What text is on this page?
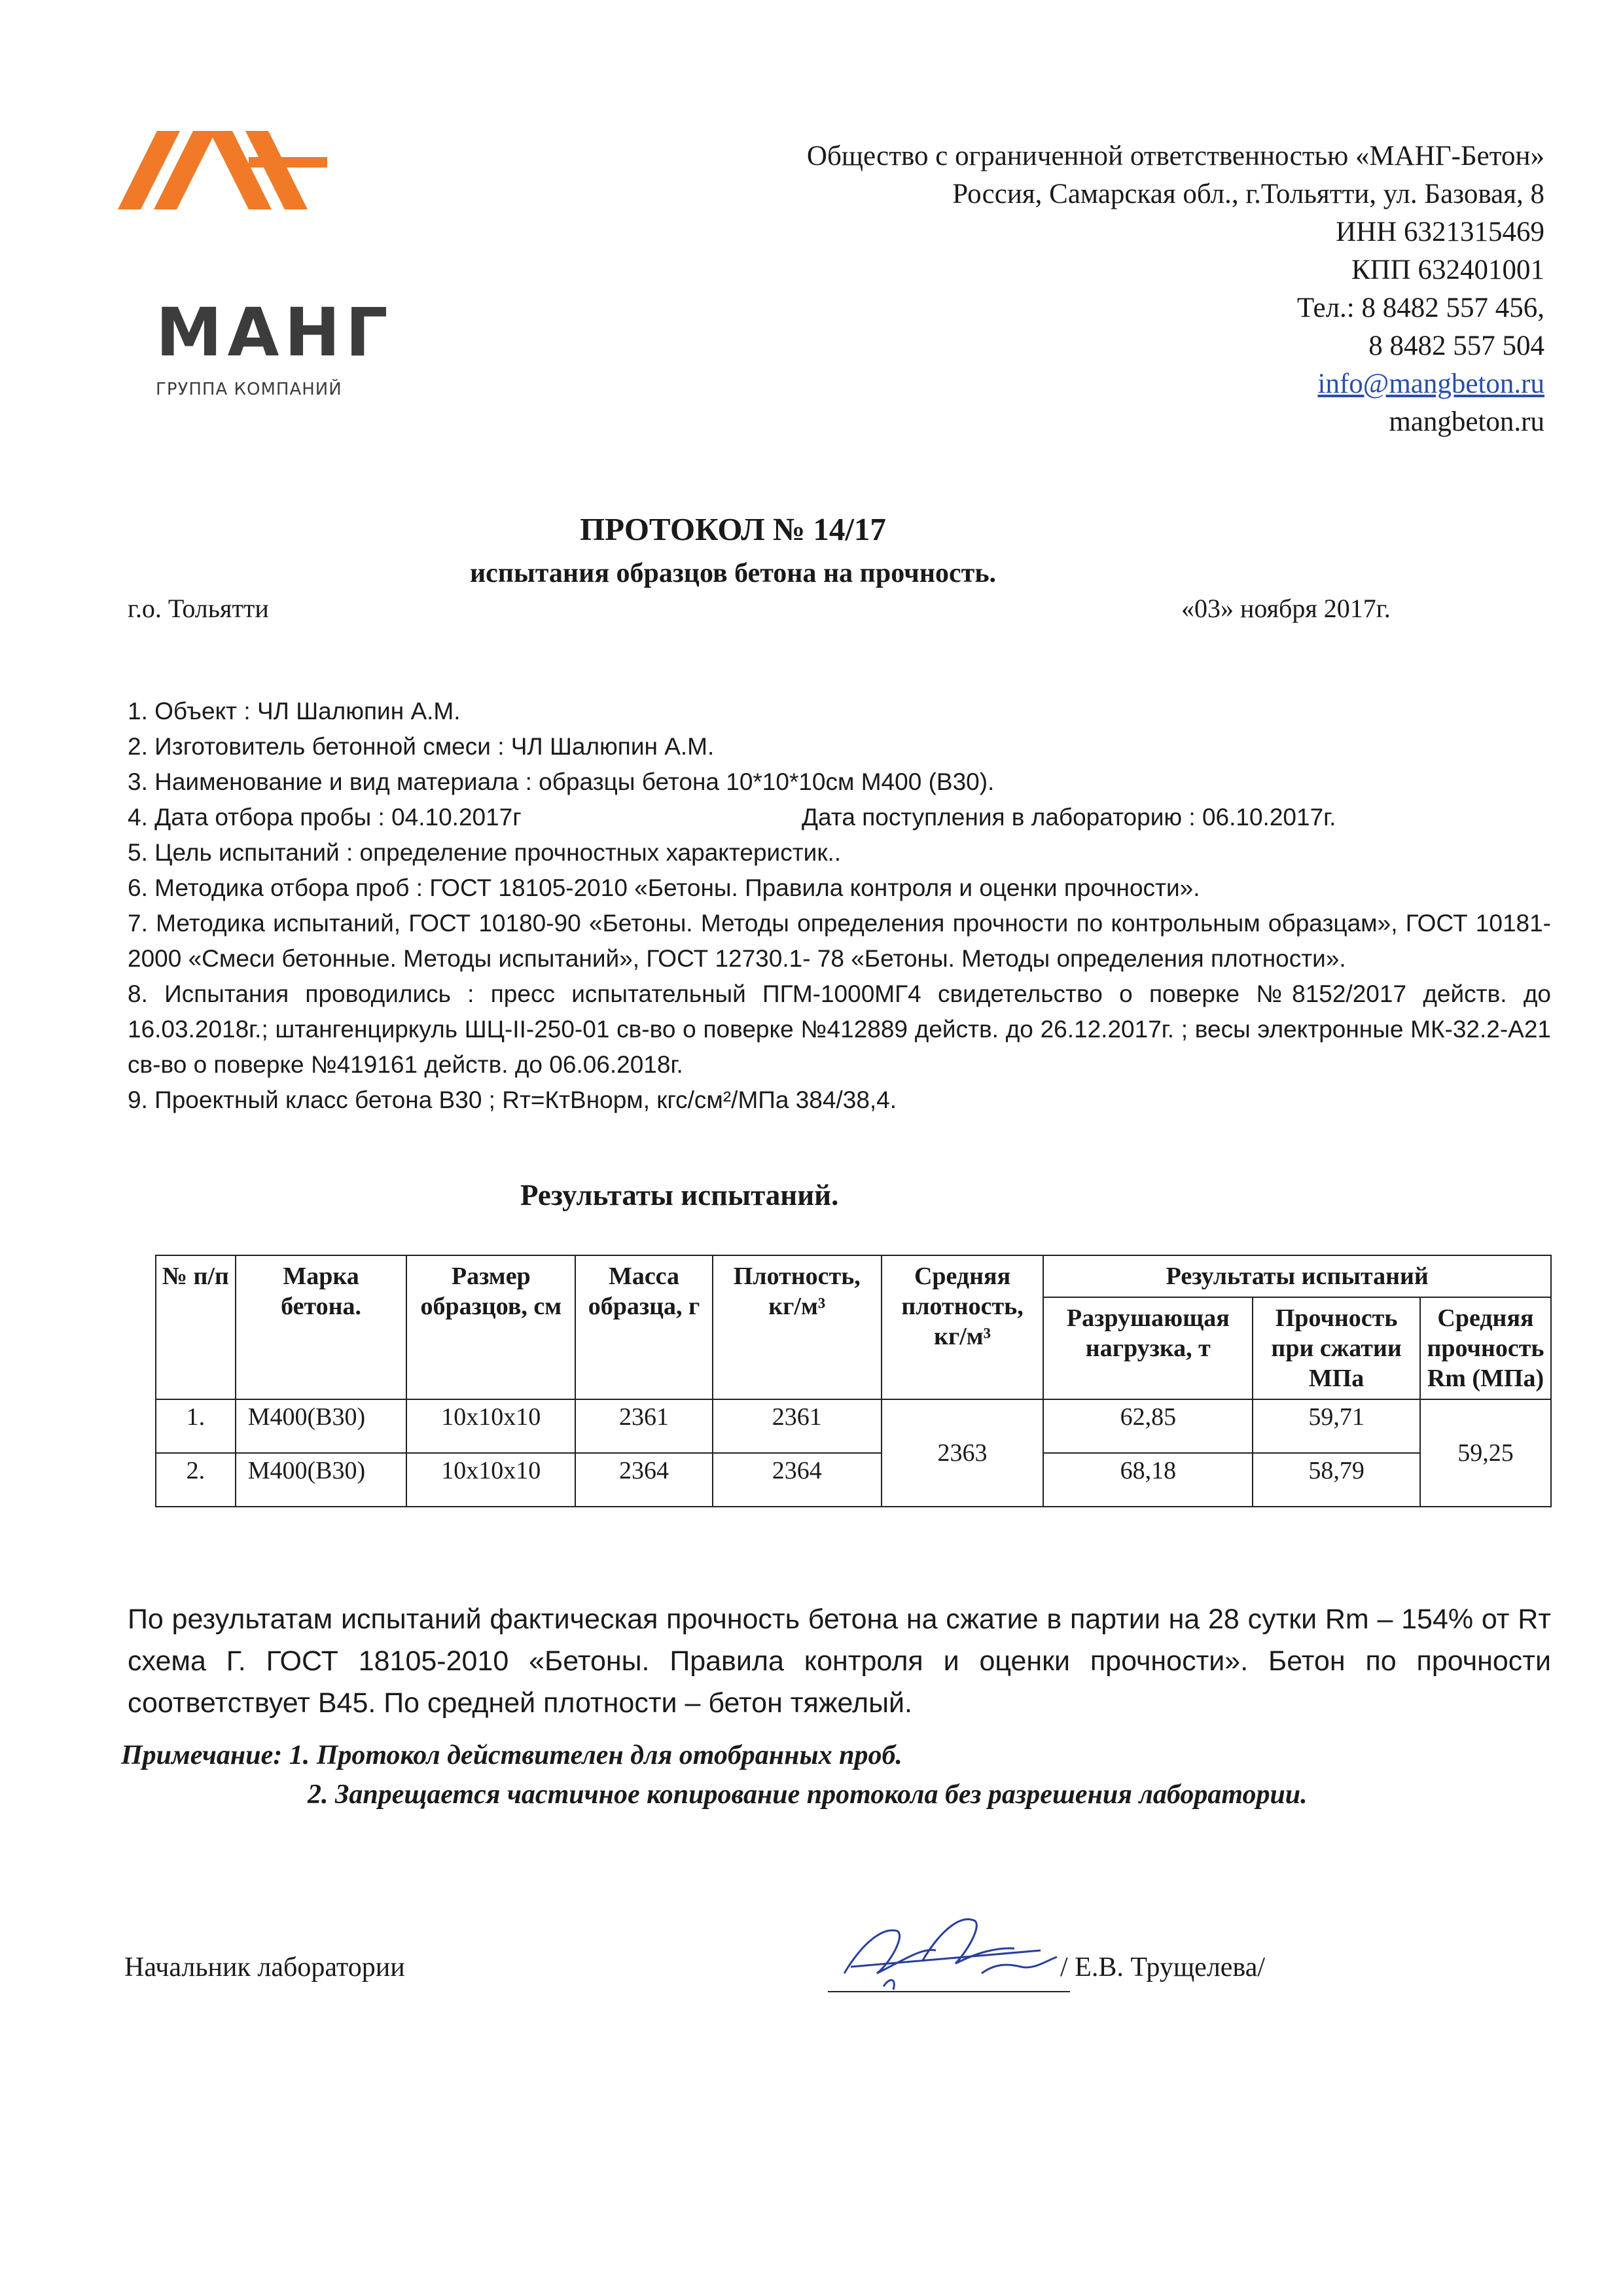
МАНГ
ГРУППА КОМПАНИЙ
Общество с ограниченной ответственностью «МАНГ-Бетон»
Россия, Самарская обл., г.Тольятти, ул. Базовая, 8
ИНН 6321315469
КПП 632401001
Тел.: 8 8482 557 456,
8 8482 557 504
info@mangbeton.ru
mangbeton.ru
ПРОТОКОЛ № 14/17
испытания образцов бетона на прочность.
г.о. Тольятти	«03» ноября 2017г.
1. Объект : ЧЛ Шалюпин А.М.
2. Изготовитель бетонной смеси : ЧЛ Шалюпин А.М.
3. Наименование и вид материала : образцы бетона 10*10*10см М400 (В30).
4. Дата отбора пробы : 04.10.2017г	Дата поступления в лабораторию : 06.10.2017г.
5. Цель испытаний : определение прочностных характеристик..
6. Методика отбора проб : ГОСТ 18105-2010 «Бетоны. Правила контроля и оценки прочности».
7. Методика испытаний, ГОСТ 10180-90 «Бетоны. Методы определения прочности по контрольным образцам», ГОСТ 10181-2000 «Смеси бетонные. Методы испытаний», ГОСТ 12730.1- 78 «Бетоны. Методы определения плотности».
8. Испытания проводились : пресс испытательный ПГМ-1000МГ4 свидетельство о поверке №8152/2017 действ. до 16.03.2018г.; штангенциркуль ШЦ-II-250-01 св-во о поверке №412889 действ. до 26.12.2017г. ; весы электронные МК-32.2-А21 св-во о поверке №419161 действ. до 06.06.2018г.
9. Проектный класс бетона В30 ; Rт=КтВнорм, кгс/см²/МПа 384/38,4.
Результаты испытаний.
№ п/п	Марка бетона.	Размер образцов, см	Масса образца, г	Плотность, кг/м³	Средняя плотность, кг/м³	Результаты испытаний		
						Разрушающая нагрузка, т	Прочность при сжатии МПа	Средняя прочность Rm (МПа)
1.	М400(В30)	10х10х10	2361	2361	2363	62,85	59,71	59,25
2.	М400(В30)	10х10х10	2364	2364		68,18	58,79	
По результатам испытаний фактическая прочность бетона на сжатие в партии на 28 сутки Rm – 154% от Rт схема Г. ГОСТ 18105-2010 «Бетоны. Правила контроля и оценки прочности». Бетон по прочности соответствует В45. По средней плотности – бетон тяжелый.
Примечание: 1. Протокол действителен для отобранных проб.
2. Запрещается частичное копирование протокола без разрешения лаборатории.
Начальник лаборатории	/ Е.В. Трущелева/
